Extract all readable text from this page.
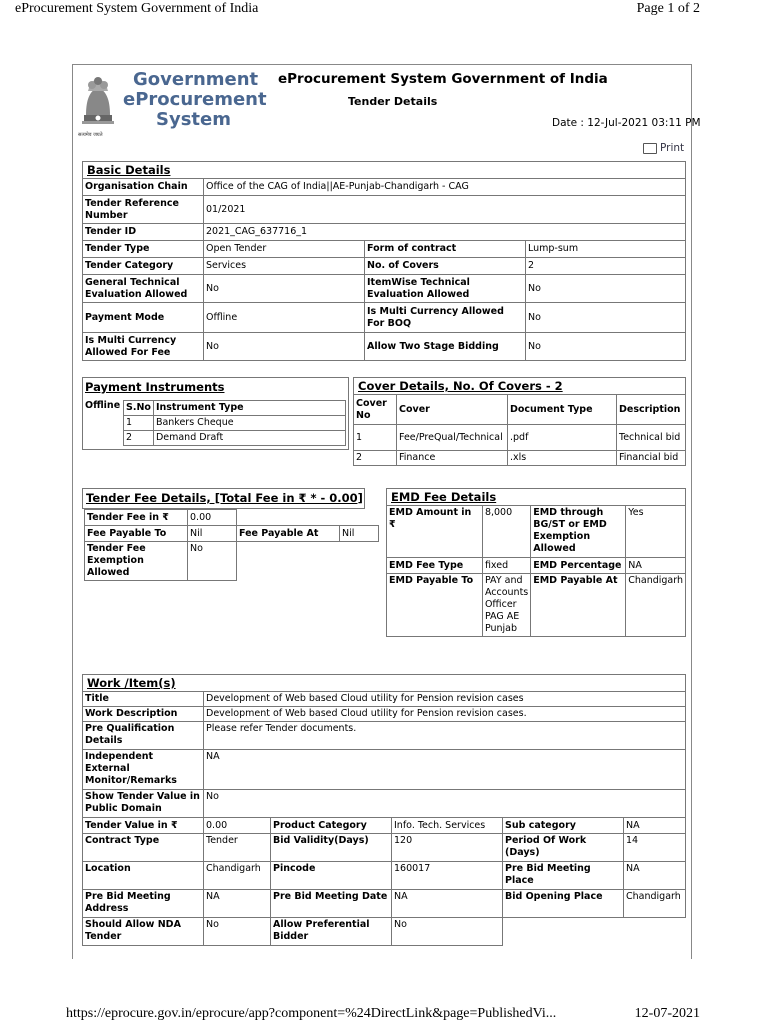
eProcurement System Government of India	Page 1 of 2
सत्यमेव जयते
Government
eProcurement
System
eProcurement System Government of India
Tender Details
Date : 12-Jul-2021 03:11 PM
Print
Basic Details			
Organisation Chain	Office of the CAG of India||AE-Punjab-Chandigarh - CAG		
Tender Reference Number	01/2021		
Tender ID	2021_CAG_637716_1		
Tender Type	Open Tender	Form of contract	Lump-sum
Tender Category	Services	No. of Covers	2
General Technical Evaluation Allowed	No	ItemWise Technical Evaluation Allowed	No
Payment Mode	Offline	Is Multi Currency Allowed For BOQ	No
Is Multi Currency Allowed For Fee	No	Allow Two Stage Bidding	No
Payment Instruments
Offline S.No	Instrument Type
1	Bankers Cheque
2	Demand Draft
Cover Details, No. Of Covers - 2			
Cover No	Cover	Document Type	Description
1	Fee/PreQual/Technical	.pdf	Technical bid
2	Finance	.xls	Financial bid
Tender Fee Details, [Total Fee in ₹ * - 0.00]
Tender Fee in ₹	0.00		
Fee Payable To	Nil	Fee Payable At	Nil
Tender Fee Exemption Allowed	No		
EMD Fee Details			
EMD Amount in ₹	8,000	EMD through BG/ST or EMD Exemption Allowed	Yes
EMD Fee Type	fixed	EMD Percentage	NA
EMD Payable To	PAY and Accounts Officer PAG AE Punjab	EMD Payable At	Chandigarh
Work /Item(s)					
Title	Development of Web based Cloud utility for Pension revision cases				
Work Description	Development of Web based Cloud utility for Pension revision cases.				
Pre Qualification Details	Please refer Tender documents.				
Independent External Monitor/Remarks	NA				
Show Tender Value in Public Domain	No				
Tender Value in ₹	0.00	Product Category	Info. Tech. Services	Sub category	NA
Contract Type	Tender	Bid Validity(Days)	120	Period Of Work (Days)	14
Location	Chandigarh	Pincode	160017	Pre Bid Meeting Place	NA
Pre Bid Meeting Address	NA	Pre Bid Meeting Date	NA	Bid Opening Place	Chandigarh
Should Allow NDA Tender	No	Allow Preferential Bidder	No		
https://eprocure.gov.in/eprocure/app?component=%24DirectLink&page=PublishedVi...	12-07-2021
